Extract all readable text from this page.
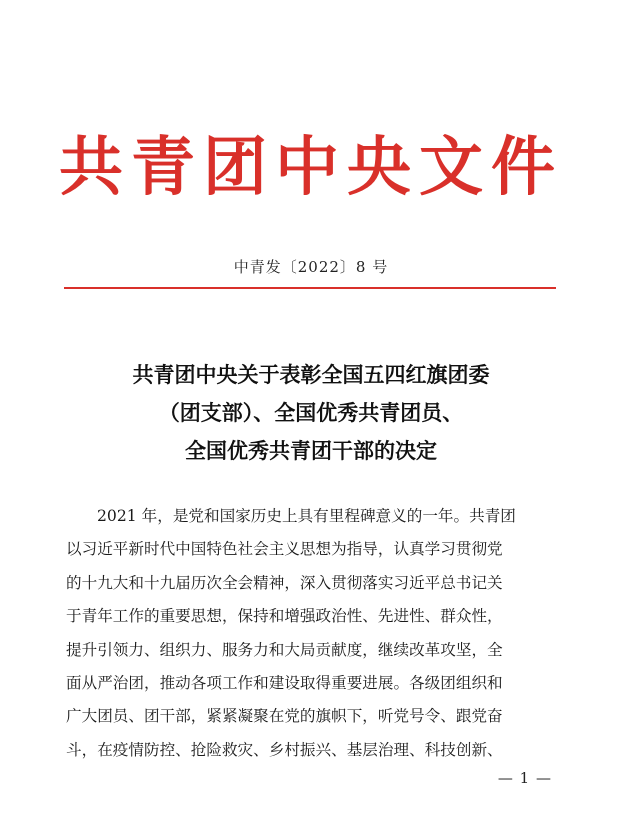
共青团中央文件
中青发〔2022〕8 号
共青团中央关于表彰全国五四红旗团委
（团支部）、全国优秀共青团员、
全国优秀共青团干部的决定
2021 年，是党和国家历史上具有里程碑意义的一年。共青团
以习近平新时代中国特色社会主义思想为指导，认真学习贯彻党
的十九大和十九届历次全会精神，深入贯彻落实习近平总书记关
于青年工作的重要思想，保持和增强政治性、先进性、群众性，
提升引领力、组织力、服务力和大局贡献度，继续改革攻坚，全
面从严治团，推动各项工作和建设取得重要进展。各级团组织和
广大团员、团干部，紧紧凝聚在党的旗帜下，听党号令、跟党奋
斗，在疫情防控、抢险救灾、乡村振兴、基层治理、科技创新、
— 1 —
